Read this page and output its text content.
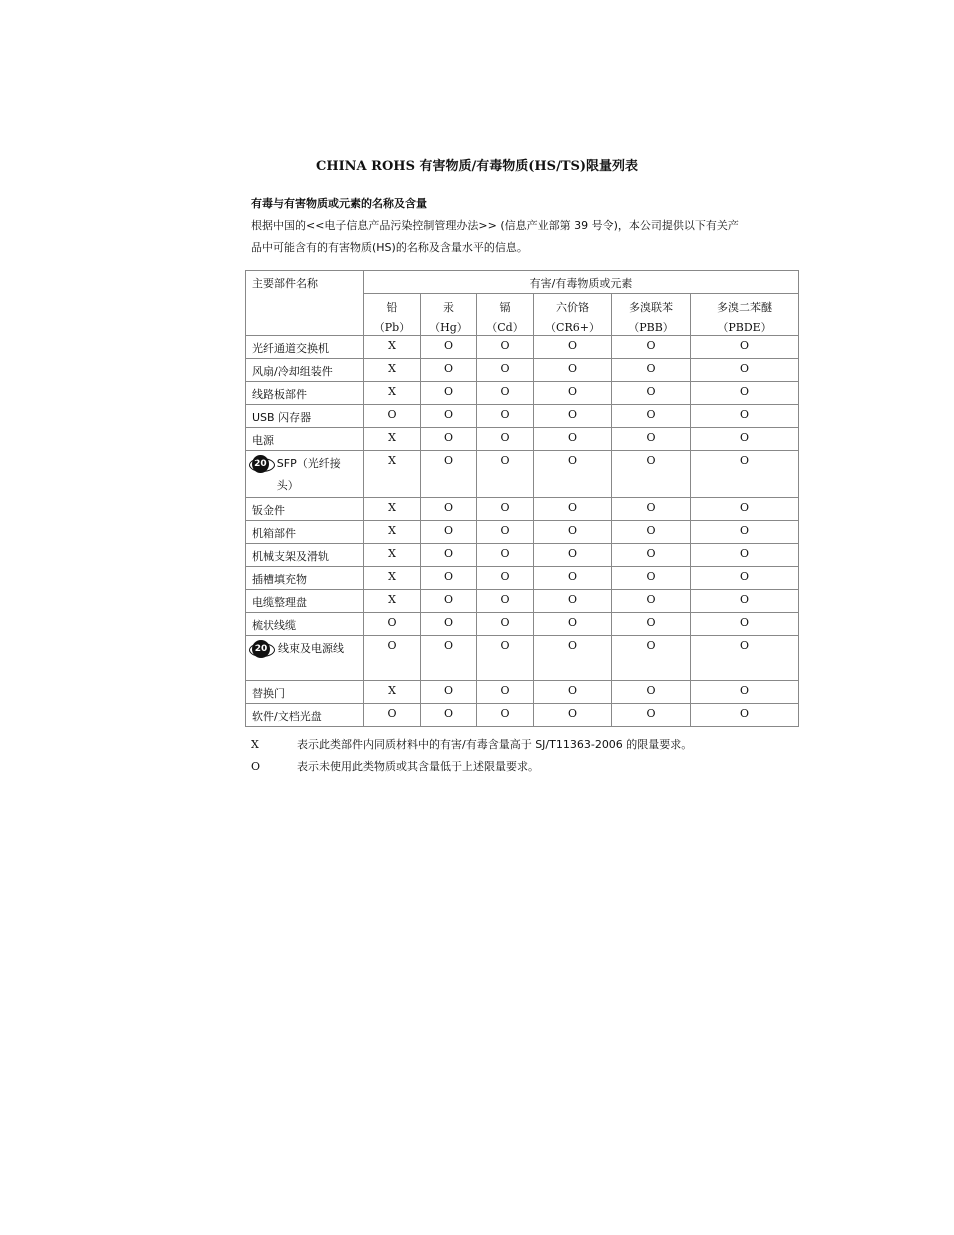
CHINA ROHS 有害物质/有毒物质(HS/TS)限量列表
有毒与有害物质或元素的名称及含量
根据中国的<<电子信息产品污染控制管理办法>> (信息产业部第 39 号令)，本公司提供以下有关产
品中可能含有的有害物质(HS)的名称及含量水平的信息。
主要部件名称	有害/有毒物质或元素					
	铅	汞	镉	六价铬	多溴联苯	多溴二苯醚
	（Pb）	（Hg）	（Cd）	（CR6+）	（PBB）	（PBDE）
光纤通道交换机	X	O	O	O	O	O
风扇/冷却组装件	X	O	O	O	O	O
线路板部件	X	O	O	O	O	O
USB 闪存器	O	O	O	O	O	O
电源	X	O	O	O	O	O

20 SFP（光纤接头）	X	O	O	O	O	O
钣金件	X	O	O	O	O	O
机箱部件	X	O	O	O	O	O
机械支架及滑轨	X	O	O	O	O	O
插槽填充物	X	O	O	O	O	O
电缆整理盘	X	O	O	O	O	O
梳状线缆	O	O	O	O	O	O

20 线束及电源线	O	O	O	O	O	O
替换门	X	O	O	O	O	O
软件/文档光盘	O	O	O	O	O	O
X	表示此类部件内同质材料中的有害/有毒含量高于 SJ/T11363-2006 的限量要求。
O	表示未使用此类物质或其含量低于上述限量要求。
